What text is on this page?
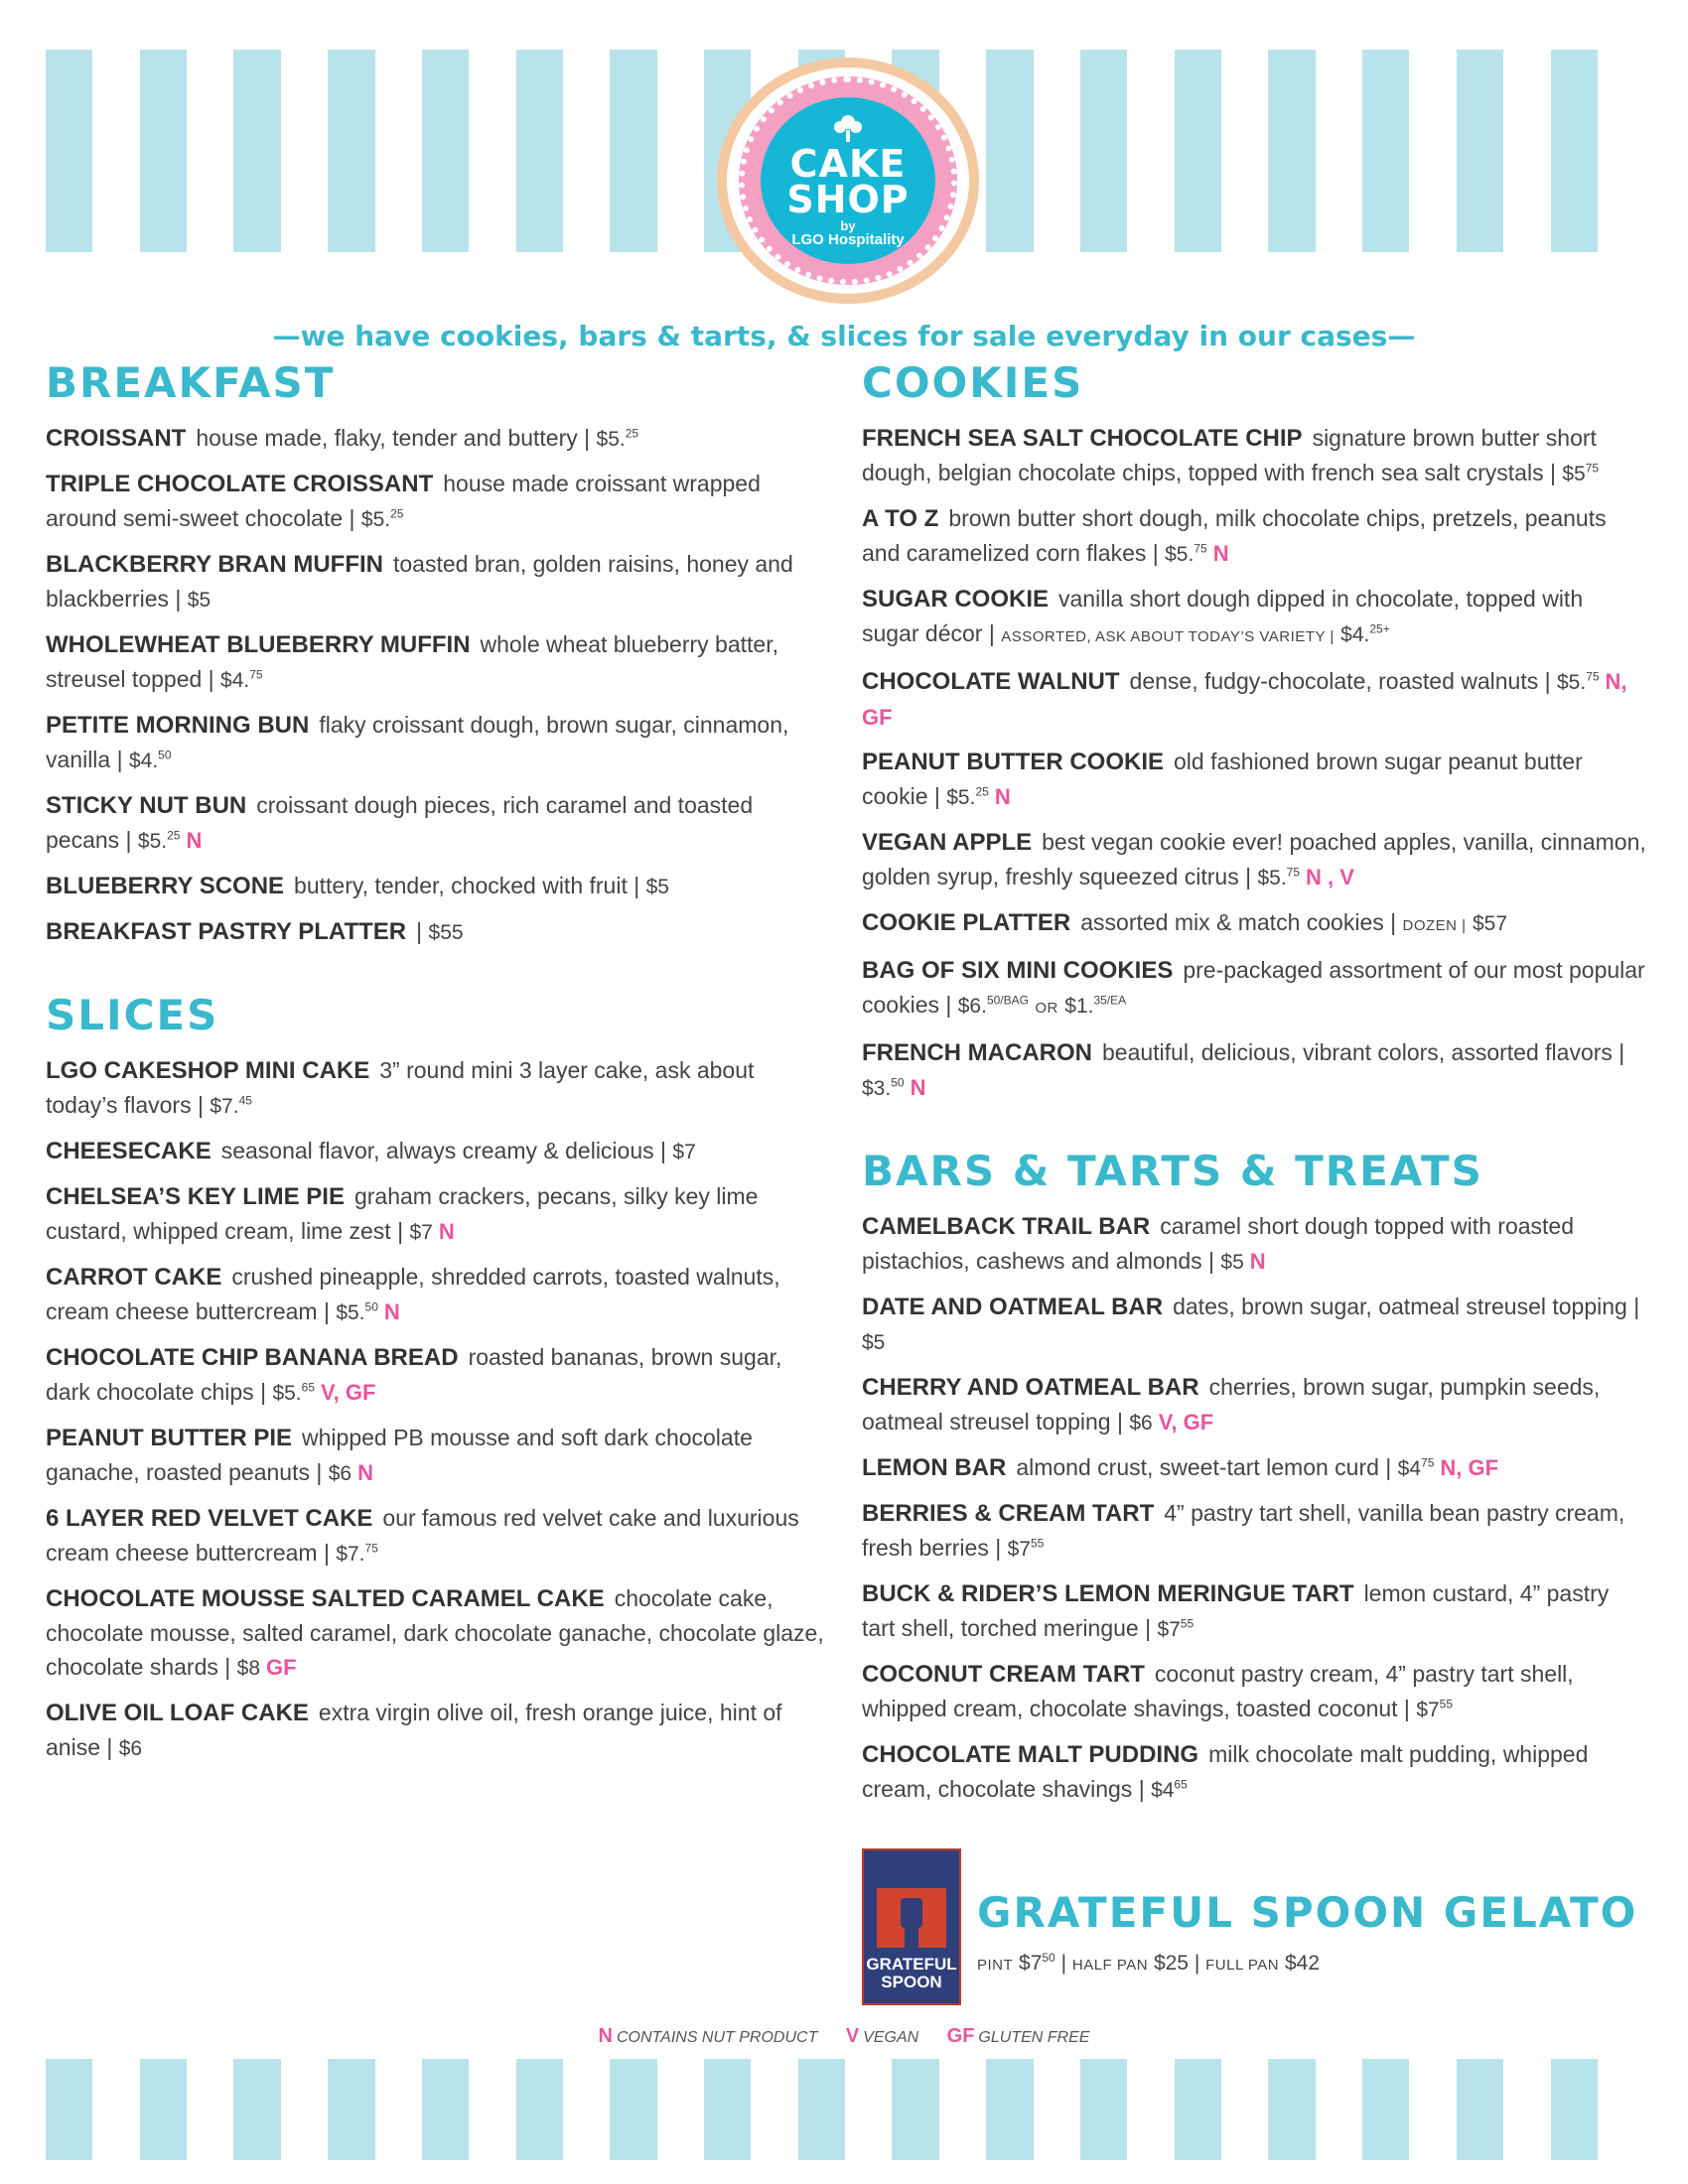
CAKE
SHOP
by
LGO Hospitality
—we have cookies, bars & tarts, & slices for sale everyday in our cases—
BREAKFAST
CROISSANT house made, flaky, tender and buttery | $5.25
TRIPLE CHOCOLATE CROISSANT house made croissant wrapped around semi-sweet chocolate | $5.25
BLACKBERRY BRAN MUFFIN toasted bran, golden raisins, honey and blackberries | $5
WHOLEWHEAT BLUEBERRY MUFFIN whole wheat blueberry batter, streusel topped | $4.75
PETITE MORNING BUN flaky croissant dough, brown sugar, cinnamon, vanilla | $4.50
STICKY NUT BUN croissant dough pieces, rich caramel and toasted pecans | $5.25 N
BLUEBERRY SCONE buttery, tender, chocked with fruit | $5
BREAKFAST PASTRY PLATTER | $55
SLICES
LGO CAKESHOP MINI CAKE 3” round mini 3 layer cake, ask about today’s flavors | $7.45
CHEESECAKE seasonal flavor, always creamy & delicious | $7
CHELSEA’S KEY LIME PIE graham crackers, pecans, silky key lime custard, whipped cream, lime zest | $7 N
CARROT CAKE crushed pineapple, shredded carrots, toasted walnuts, cream cheese buttercream | $5.50 N
CHOCOLATE CHIP BANANA BREAD roasted bananas, brown sugar, dark chocolate chips | $5.65 V, GF
PEANUT BUTTER PIE whipped PB mousse and soft dark chocolate ganache, roasted peanuts | $6 N
6 LAYER RED VELVET CAKE our famous red velvet cake and luxurious cream cheese buttercream | $7.75
CHOCOLATE MOUSSE SALTED CARAMEL CAKE chocolate cake, chocolate mousse, salted caramel, dark chocolate ganache, chocolate glaze, chocolate shards | $8 GF
OLIVE OIL LOAF CAKE extra virgin olive oil, fresh orange juice, hint of anise | $6
COOKIES
FRENCH SEA SALT CHOCOLATE CHIP signature brown butter short dough, belgian chocolate chips, topped with french sea salt crystals | $\$5^{75}$
A TO Z brown butter short dough, milk chocolate chips, pretzels, peanuts and caramelized corn flakes | $5.75 N
SUGAR COOKIE vanilla short dough dipped in chocolate, topped with sugar décor | ASSORTED, ASK ABOUT TODAY’S VARIETY | $4.$^{25+}$
CHOCOLATE WALNUT dense, fudgy-chocolate, roasted walnuts | $5.75 N, GF
PEANUT BUTTER COOKIE old fashioned brown sugar peanut butter cookie | $5.25 N
VEGAN APPLE best vegan cookie ever! poached apples, vanilla, cinnamon, golden syrup, freshly squeezed citrus | $5.75 N , V
COOKIE PLATTER assorted mix & match cookies | DOZEN | $57
BAG OF SIX MINI COOKIES pre-packaged assortment of our most popular cookies | $6.$^{50/BAG}$ OR $1.$^{35/EA}$
FRENCH MACARON beautiful, delicious, vibrant colors, assorted flavors | $3.50 N
BARS & TARTS & TREATS
CAMELBACK TRAIL BAR caramel short dough topped with roasted pistachios, cashews and almonds | $5 N
DATE AND OATMEAL BAR dates, brown sugar, oatmeal streusel topping | $5
CHERRY AND OATMEAL BAR cherries, brown sugar, pumpkin seeds, oatmeal streusel topping | $6 V, GF
LEMON BAR almond crust, sweet-tart lemon curd | $\$4^{75}$ N, GF
BERRIES & CREAM TART 4” pastry tart shell, vanilla bean pastry cream, fresh berries | $\$7^{55}$
BUCK & RIDER’S LEMON MERINGUE TART lemon custard, 4” pastry tart shell, torched meringue | $\$7^{55}$
COCONUT CREAM TART coconut pastry cream, 4” pastry tart shell, whipped cream, chocolate shavings, toasted coconut | $\$7^{55}$
CHOCOLATE MALT PUDDING milk chocolate malt pudding, whipped cream, chocolate shavings | $\$4^{65}$
GRATEFUL
SPOON
GRATEFUL SPOON GELATO
PINT $\$7^{50}$ | HALF PAN $25 | FULL PAN $42
N CONTAINS NUT PRODUCT V VEGAN GF GLUTEN FREE
